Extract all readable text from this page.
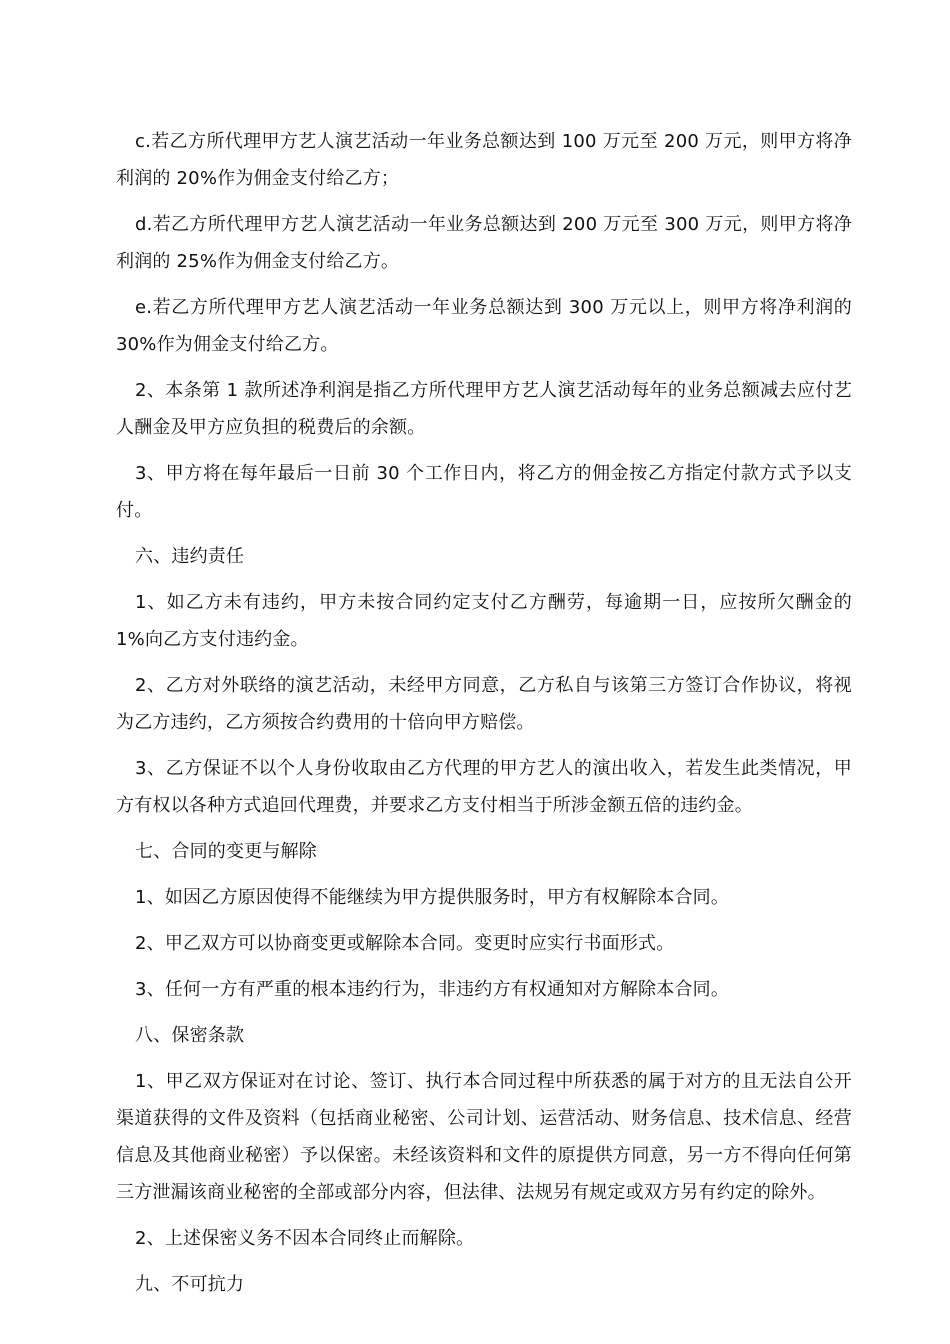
c.若乙方所代理甲方艺人演艺活动一年业务总额达到 100 万元至 200 万元，则甲方将净利润的 20%作为佣金支付给乙方；

d.若乙方所代理甲方艺人演艺活动一年业务总额达到 200 万元至 300 万元，则甲方将净利润的 25%作为佣金支付给乙方。

e.若乙方所代理甲方艺人演艺活动一年业务总额达到 300 万元以上，则甲方将净利润的 30%作为佣金支付给乙方。

2、本条第 1 款所述净利润是指乙方所代理甲方艺人演艺活动每年的业务总额减去应付艺人酬金及甲方应负担的税费后的余额。

3、甲方将在每年最后一日前 30 个工作日内，将乙方的佣金按乙方指定付款方式予以支付。

六、违约责任

1、如乙方未有违约，甲方未按合同约定支付乙方酬劳，每逾期一日，应按所欠酬金的 1%向乙方支付违约金。

2、乙方对外联络的演艺活动，未经甲方同意，乙方私自与该第三方签订合作协议，将视为乙方违约，乙方须按合约费用的十倍向甲方赔偿。

3、乙方保证不以个人身份收取由乙方代理的甲方艺人的演出收入，若发生此类情况，甲方有权以各种方式追回代理费，并要求乙方支付相当于所涉金额五倍的违约金。

七、合同的变更与解除

1、如因乙方原因使得不能继续为甲方提供服务时，甲方有权解除本合同。

2、甲乙双方可以协商变更或解除本合同。变更时应实行书面形式。

3、任何一方有严重的根本违约行为，非违约方有权通知对方解除本合同。

八、保密条款

1、甲乙双方保证对在讨论、签订、执行本合同过程中所获悉的属于对方的且无法自公开渠道获得的文件及资料（包括商业秘密、公司计划、运营活动、财务信息、技术信息、经营信息及其他商业秘密）予以保密。未经该资料和文件的原提供方同意，另一方不得向任何第三方泄漏该商业秘密的全部或部分内容，但法律、法规另有规定或双方另有约定的除外。

2、上述保密义务不因本合同终止而解除。

九、不可抗力
